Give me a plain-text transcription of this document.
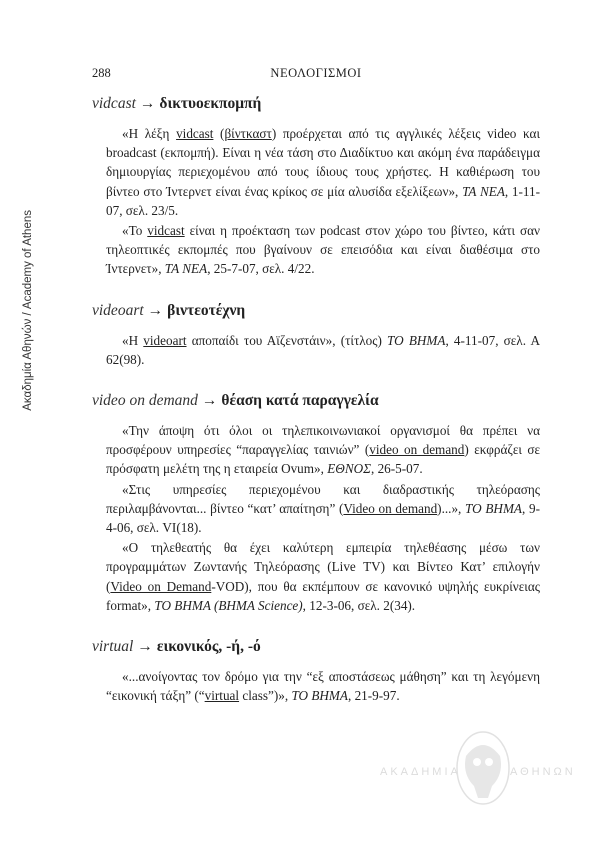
Ακαδημία Αθηνών / Academy of Athens
288	ΝΕΟΛΟΓΙΣΜΟΙ
vidcast → δικτυοεκπομπή

«Η λέξη vidcast (βίντκαστ) προέρχεται από τις αγγλικές λέξεις video και broadcast (εκπομπή). Είναι η νέα τάση στο Διαδίκτυο και ακόμη ένα παράδειγμα δημιουργίας περιεχομένου από τους ίδιους τους χρήστες. Η καθιέρωση του βίντεο στο Ίντερνετ είναι ένας κρίκος σε μία αλυσίδα εξελίξεων», ΤΑ ΝΕΑ, 1-11-07, σελ. 23/5.

«Το vidcast είναι η προέκταση των podcast στον χώρο του βίντεο, κάτι σαν τηλεοπτικές εκπομπές που βγαίνουν σε επεισόδια και είναι διαθέσιμα στο Ίντερνετ», ΤΑ ΝΕΑ, 25-7-07, σελ. 4/22.

videoart → βιντεοτέχνη

«Η videoart αποπαίδι του Αϊζενστάιν», (τίτλος) ΤΟ ΒΗΜΑ, 4-11-07, σελ. Α 62(98).

video on demand → θέαση κατά παραγγελία

«Την άποψη ότι όλοι οι τηλεπικοινωνιακοί οργανισμοί θα πρέπει να προσφέρουν υπηρεσίες “παραγγελίας ταινιών” (video on demand) εκφράζει σε πρόσφατη μελέτη της η εταιρεία Ovum», ΕΘΝΟΣ, 26-5-07.

«Στις υπηρεσίες περιεχομένου και διαδραστικής τηλεόρασης περιλαμβάνονται... βίντεο “κατ’ απαίτηση” (Video on demand)...», ΤΟ ΒΗΜΑ, 9-4-06, σελ. VI(18).

«Ο τηλεθεατής θα έχει καλύτερη εμπειρία τηλεθέασης μέσω των προγραμμάτων Ζωντανής Τηλεόρασης (Live TV) και Βίντεο Κατ’ επιλογήν (Video on Demand-VOD), που θα εκπέμπουν σε κανονικό υψηλής ευκρίνειας format», ΤΟ ΒΗΜΑ (ΒΗΜΑ Science), 12-3-06, σελ. 2(34).

virtual → εικονικός, -ή, -ό

«...ανοίγοντας τον δρόμο για την “εξ αποστάσεως μάθηση” και τη λεγόμενη “εικονική τάξη” (“virtual class”)», ΤΟ ΒΗΜΑ, 21-9-97.

ΑΚΑΔΗΜΙΑ	ΑΘΗΝΩΝ
